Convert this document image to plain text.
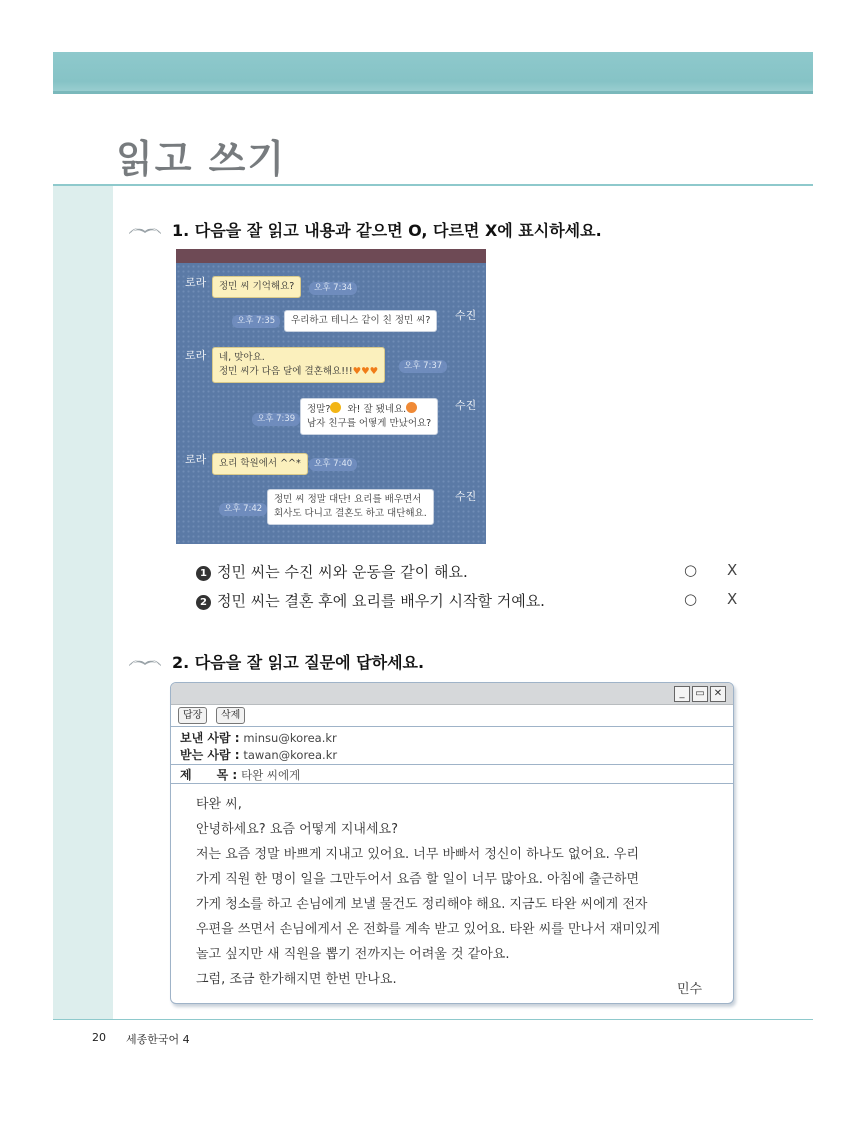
읽고 쓰기
1. 다음을 잘 읽고 내용과 같으면 O, 다르면 X에 표시하세요.
로라	정민 씨 기억해요?	오후 7:34
수진
오후 7:35	우리하고 테니스 같이 친 정민 씨?
로라 네, 맞아요.
정민 씨가 다음 달에 결혼해요!!!♥♥♥	오후 7:37
수진
오후 7:39
정말? 와! 잘 됐네요.
남자 친구를 어떻게 만났어요?
로라	요리 학원에서 ^^*	오후 7:40
수진
오후 7:42
정민 씨 정말 대단! 요리를 배우면서
회사도 다니고 결혼도 하고 대단해요.
1 정민 씨는 수진 씨와 운동을 같이 해요.	○ X
2 정민 씨는 결혼 후에 요리를 배우기 시작할 거예요.	○ X
2. 다음을 잘 읽고 질문에 답하세요.
_	▭ ✕
답장	삭제
보낸 사람 : minsu@korea.kr
받는 사람 : tawan@korea.kr
제      목 : 타완 씨에게
타완 씨,
안녕하세요? 요즘 어떻게 지내세요?
저는 요즘 정말 바쁘게 지내고 있어요. 너무 바빠서 정신이 하나도 없어요. 우리
가게 직원 한 명이 일을 그만두어서 요즘 할 일이 너무 많아요. 아침에 출근하면
가게 청소를 하고 손님에게 보낼 물건도 정리해야 해요. 지금도 타완 씨에게 전자
우편을 쓰면서 손님에게서 온 전화를 계속 받고 있어요. 타완 씨를 만나서 재미있게
놀고 싶지만 새 직원을 뽑기 전까지는 어려울 것 같아요.
그럼, 조금 한가해지면 한번 만나요.
민수
20 세종한국어 4
